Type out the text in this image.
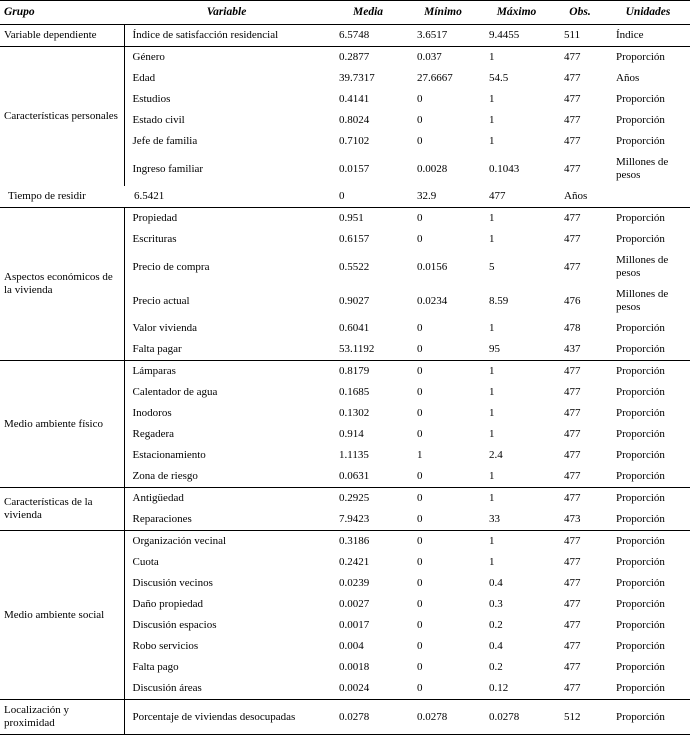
Grupo	Variable	Media	Mínimo	Máximo	Obs.	Unidades
Variable dependiente	Índice de satisfacción residencial	6.5748	3.6517	9.4455	511	Índice
Características personales	Género	0.2877	0.037	1	477	Proporción
	Edad	39.7317	27.6667	54.5	477	Años
	Estudios	0.4141	0	1	477	Proporción
	Estado civil	0.8024	0	1	477	Proporción
	Jefe de familia	0.7102	0	1	477	Proporción
	Ingreso familiar	0.0157	0.0028	0.1043	477	Millones de pesos
Tiempo de residir	6.5421	0	32.9	477	Años	
Aspectos económicos de la vivienda	Propiedad	0.951	0	1	477	Proporción
	Escrituras	0.6157	0	1	477	Proporción
	Precio de compra	0.5522	0.0156	5	477	Millones de pesos
	Precio actual	0.9027	0.0234	8.59	476	Millones de pesos
	Valor vivienda	0.6041	0	1	478	Proporción
	Falta pagar	53.1192	0	95	437	Proporción
Medio ambiente físico	Lámparas	0.8179	0	1	477	Proporción
	Calentador de agua	0.1685	0	1	477	Proporción
	Inodoros	0.1302	0	1	477	Proporción
	Regadera	0.914	0	1	477	Proporción
	Estacionamiento	1.1135	1	2.4	477	Proporción
	Zona de riesgo	0.0631	0	1	477	Proporción
Características de la vivienda	Antigüedad	0.2925	0	1	477	Proporción
	Reparaciones	7.9423	0	33	473	Proporción
Medio ambiente social	Organización vecinal	0.3186	0	1	477	Proporción
	Cuota	0.2421	0	1	477	Proporción
	Discusión vecinos	0.0239	0	0.4	477	Proporción
	Daño propiedad	0.0027	0	0.3	477	Proporción
	Discusión espacios	0.0017	0	0.2	477	Proporción
	Robo servicios	0.004	0	0.4	477	Proporción
	Falta pago	0.0018	0	0.2	477	Proporción
	Discusión áreas	0.0024	0	0.12	477	Proporción
Localización y proximidad	Porcentaje de viviendas desocupadas	0.0278	0.0278	0.0278	512	Proporción
